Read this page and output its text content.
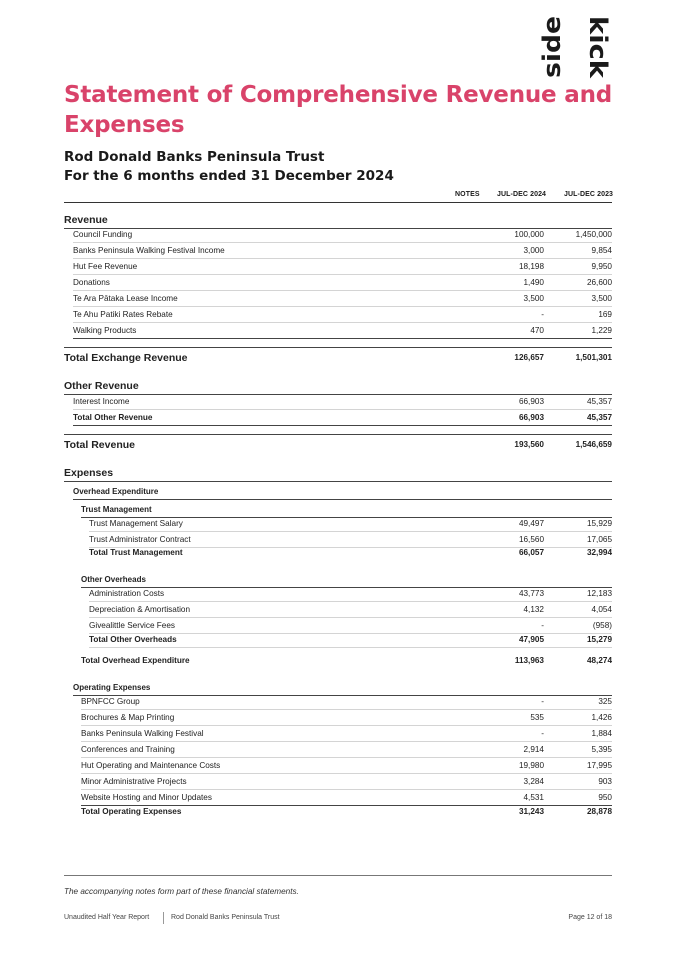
kick
side
Statement of Comprehensive Revenue and Expenses
Rod Donald Banks Peninsula Trust
For the 6 months ended 31 December 2024
NOTES JUL-DEC 2024	JUL-DEC 2023
Revenue
Council Funding	100,000	1,450,000
Banks Peninsula Walking Festival Income	3,000	9,854
Hut Fee Revenue	18,198	9,950
Donations	1,490	26,600
Te Ara Pātaka Lease Income	3,500	3,500
Te Ahu Patiki Rates Rebate	-	169
Walking Products	470	1,229
Total Exchange Revenue	126,657	1,501,301
Other Revenue
Interest Income	66,903	45,357
Total Other Revenue	66,903	45,357
Total Revenue	193,560	1,546,659
Expenses
Overhead Expenditure
Trust Management
Trust Management Salary	49,497	15,929
Trust Administrator Contract	16,560	17,065
Total Trust Management	66,057	32,994
Other Overheads
Administration Costs	43,773	12,183
Depreciation & Amortisation	4,132	4,054
Givealittle Service Fees	-	(958)
Total Other Overheads	47,905	15,279
Total Overhead Expenditure	113,963	48,274
Operating Expenses
BPNFCC Group	-	325
Brochures & Map Printing	535	1,426
Banks Peninsula Walking Festival	-	1,884
Conferences and Training	2,914	5,395
Hut Operating and Maintenance Costs	19,980	17,995
Minor Administrative Projects	3,284	903
Website Hosting and Minor Updates	4,531	950
Total Operating Expenses	31,243	28,878
The accompanying notes form part of these financial statements.
Unaudited Half Year Report	Rod Donald Banks Peninsula Trust	Page 12 of 18
